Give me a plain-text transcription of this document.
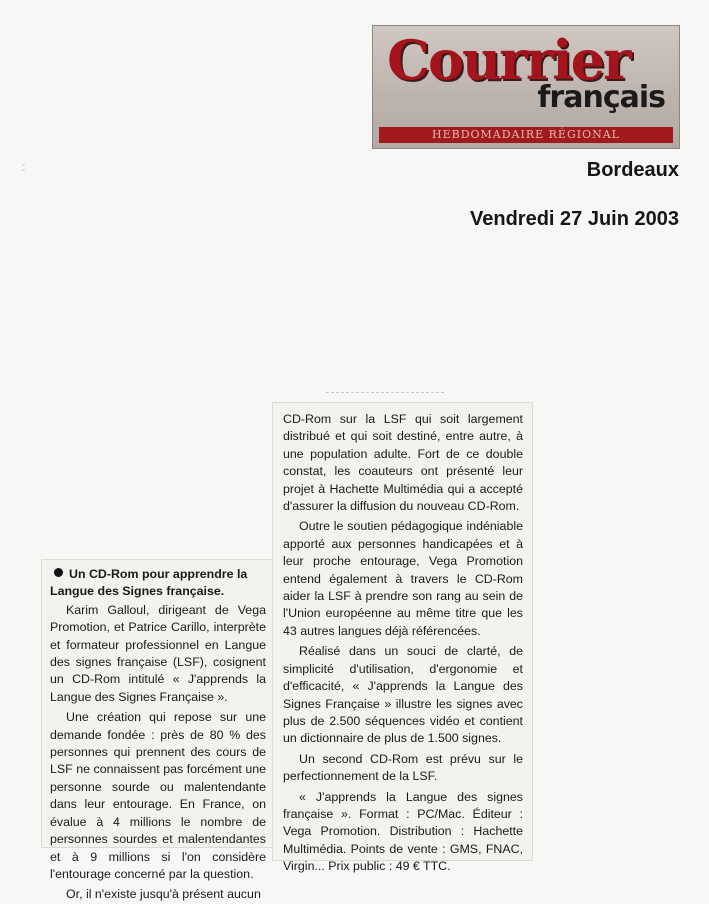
Courrier
français
HEBDOMADAIRE RÉGIONAL
▫▫
▫▫	Bordeaux
Vendredi 27 Juin 2003
Un CD-Rom pour apprendre la Langue des Signes française.

Karim Galloul, dirigeant de Vega Promotion, et Patrice Carillo, interprète et formateur professionnel en Langue des signes française (LSF), cosignent un CD-Rom intitulé « J'apprends la Langue des Signes Française ».

Une création qui repose sur une demande fondée : près de 80 % des personnes qui prennent des cours de LSF ne connaissent pas forcément une personne sourde ou malentendante dans leur entourage. En France, on évalue à 4 millions le nombre de personnes sourdes et malentendantes et à 9 millions si l'on considère l'entourage concerné par la question.

Or, il n'existe jusqu'à présent aucun

CD-Rom sur la LSF qui soit largement distribué et qui soit destiné, entre autre, à une population adulte. Fort de ce double constat, les coauteurs ont présenté leur projet à Hachette Multimédia qui a accepté d'assurer la diffusion du nouveau CD-Rom.

Outre le soutien pédagogique indéniable apporté aux personnes handicapées et à leur proche entourage, Vega Promotion entend également à travers le CD-Rom aider la LSF à prendre son rang au sein de l'Union européenne au même titre que les 43 autres langues déjà référencées.

Réalisé dans un souci de clarté, de simplicité d'utilisation, d'ergonomie et d'efficacité, « J'apprends la Langue des Signes Française » illustre les signes avec plus de 2.500 séquences vidéo et contient un dictionnaire de plus de 1.500 signes.

Un second CD-Rom est prévu sur le perfectionnement de la LSF.

« J'apprends la Langue des signes française ». Format : PC/Mac. Éditeur : Vega Promotion. Distribution : Hachette Multimédia. Points de vente : GMS, FNAC, Virgin... Prix public : 49 € TTC.
